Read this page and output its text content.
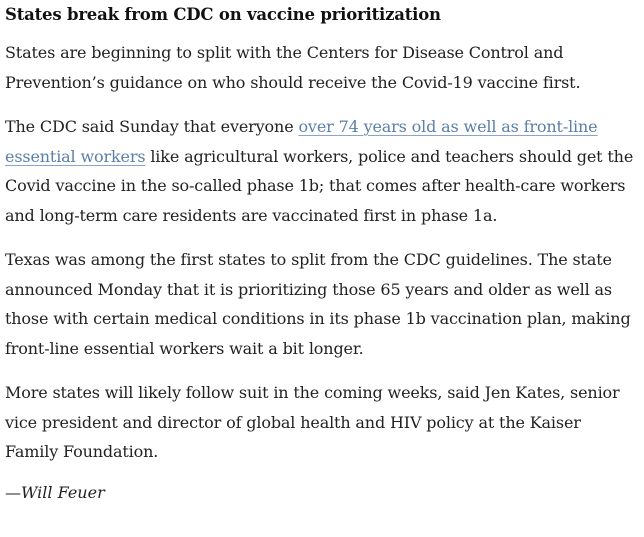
States break from CDC on vaccine prioritization

States are beginning to split with the Centers for Disease Control and Prevention’s guidance on who should receive the Covid-19 vaccine first.

The CDC said Sunday that everyone over 74 years old as well as front-line essential workers like agricultural workers, police and teachers should get the Covid vaccine in the so-called phase 1b; that comes after health-care workers and long-term care residents are vaccinated first in phase 1a.

Texas was among the first states to split from the CDC guidelines. The state announced Monday that it is prioritizing those 65 years and older as well as those with certain medical conditions in its phase 1b vaccination plan, making front-line essential workers wait a bit longer.

More states will likely follow suit in the coming weeks, said Jen Kates, senior vice president and director of global health and HIV policy at the Kaiser Family Foundation.

—Will Feuer
